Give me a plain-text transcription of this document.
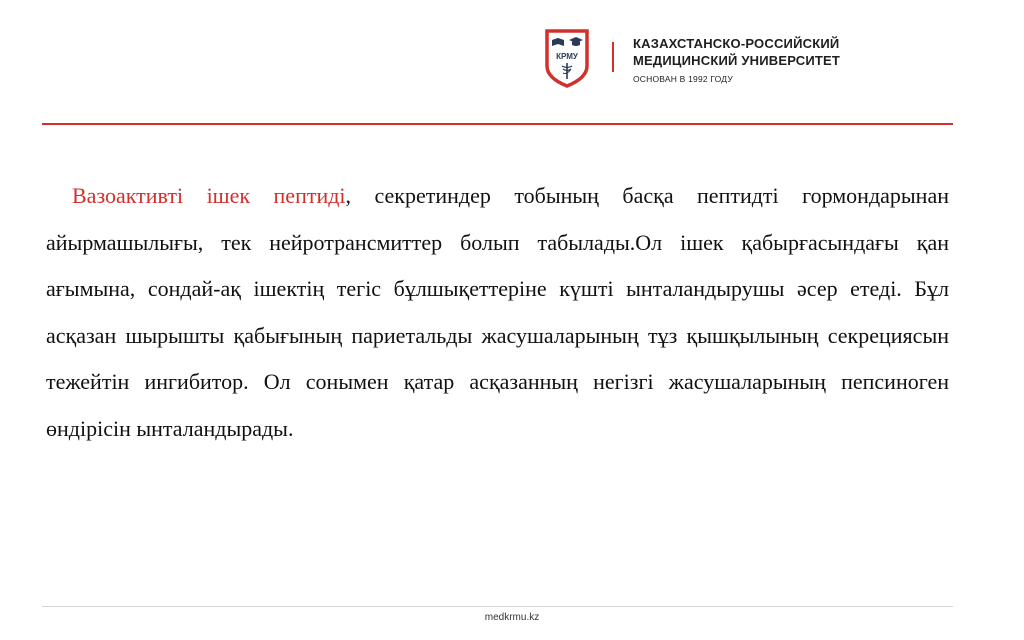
КРМУ
КАЗАХСТАНСКО-РОССИЙСКИЙ
МЕДИЦИНСКИЙ УНИВЕРСИТЕТ
ОСНОВАН В 1992 ГОДУ

Вазоактивті ішек пептиді, секретиндер тобының басқа пептидті гормондарынан айырмашылығы, тек нейротрансмиттер болып табылады.Ол ішек қабырғасындағы қан ағымына, сондай-ақ ішектің тегіс бұлшықеттеріне күшті ынталандырушы әсер етеді. Бұл асқазан шырышты қабығының париетальды жасушаларының тұз қышқылының секрециясын тежейтін ингибитор. Ол сонымен қатар асқазанның негізгі жасушаларының пепсиноген өндірісін ынталандырады.

medkrmu.kz
